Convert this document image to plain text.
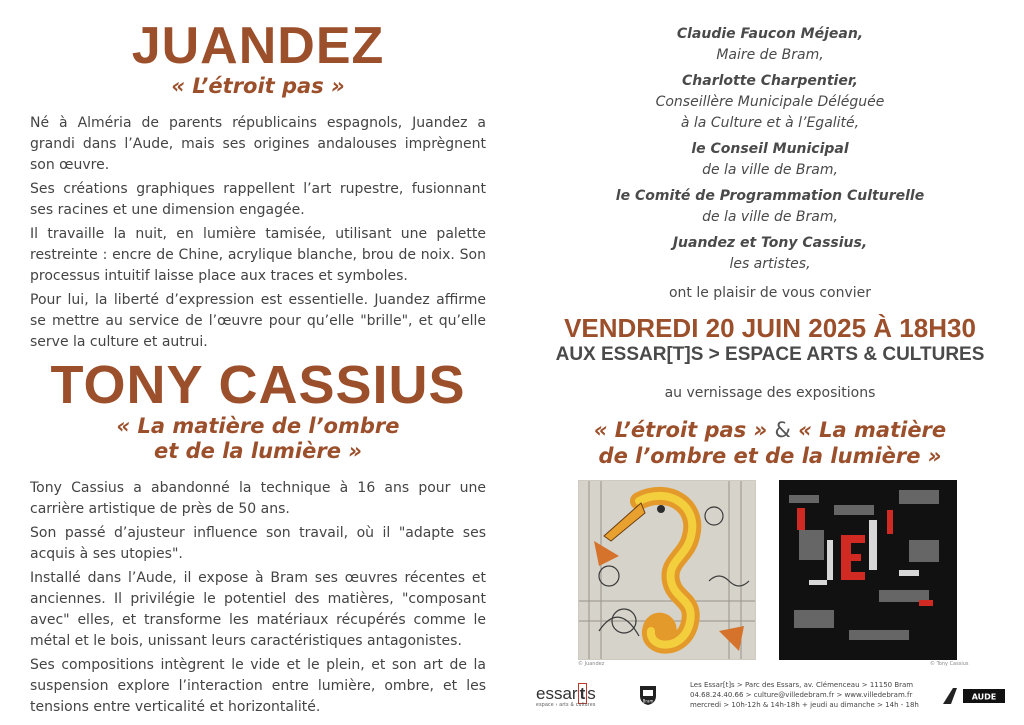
JUANDEZ
« L’étroit pas »

Né à Alméria de parents républicains espagnols, Juandez a grandi dans l’Aude, mais ses origines andalouses imprègnent son œuvre.

Ses créations graphiques rappellent l’art rupestre, fusionnant ses racines et une dimension engagée.

Il travaille la nuit, en lumière tamisée, utilisant une palette restreinte : encre de Chine, acrylique blanche, brou de noix. Son processus intuitif laisse place aux traces et symboles.

Pour lui, la liberté d’expression est essentielle. Juandez affirme se mettre au service de l’œuvre pour qu’elle "brille", et qu’elle serve la culture et autrui.

TONY CASSIUS
« La matière de l’ombre
et de la lumière »

Tony Cassius a abandonné la technique à 16 ans pour une carrière artistique de près de 50 ans.

Son passé d’ajusteur influence son travail, où il "adapte ses acquis à ses utopies".

Installé dans l’Aude, il expose à Bram ses œuvres récentes et anciennes. Il privilégie le potentiel des matières, "composant avec" elles, et transforme les matériaux récupérés comme le métal et le bois, unissant leurs caractéristiques antagonistes.

Ses compositions intègrent le vide et le plein, et son art de la suspension explore l’interaction entre lumière, ombre, et les tensions entre verticalité et horizontalité.

Claudie Faucon Méjean,
Maire de Bram,
Charlotte Charpentier,
Conseillère Municipale Déléguée
à la Culture et à l’Egalité,
le Conseil Municipal
de la ville de Bram,
le Comité de Programmation Culturelle
de la ville de Bram,
Juandez et Tony Cassius,
les artistes,
ont le plaisir de vous convier
VENDREDI 20 JUIN 2025 À 18H30
AUX ESSAR[T]S > ESPACE ARTS & CULTURES
au vernissage des expositions
« L’étroit pas » & « La matière
de l’ombre et de la lumière »
© Juandez	© Tony Cassius
essar t s
espace › arts & cultures
Bram
Les Essar[t]s > Parc des Essars, av. Clémenceau > 11150 Bram
04.68.24.40.66 > culture@villedebram.fr > www.villedebram.fr
mercredi > 10h-12h & 14h-18h + jeudi au dimanche > 14h - 18h
AUDE
